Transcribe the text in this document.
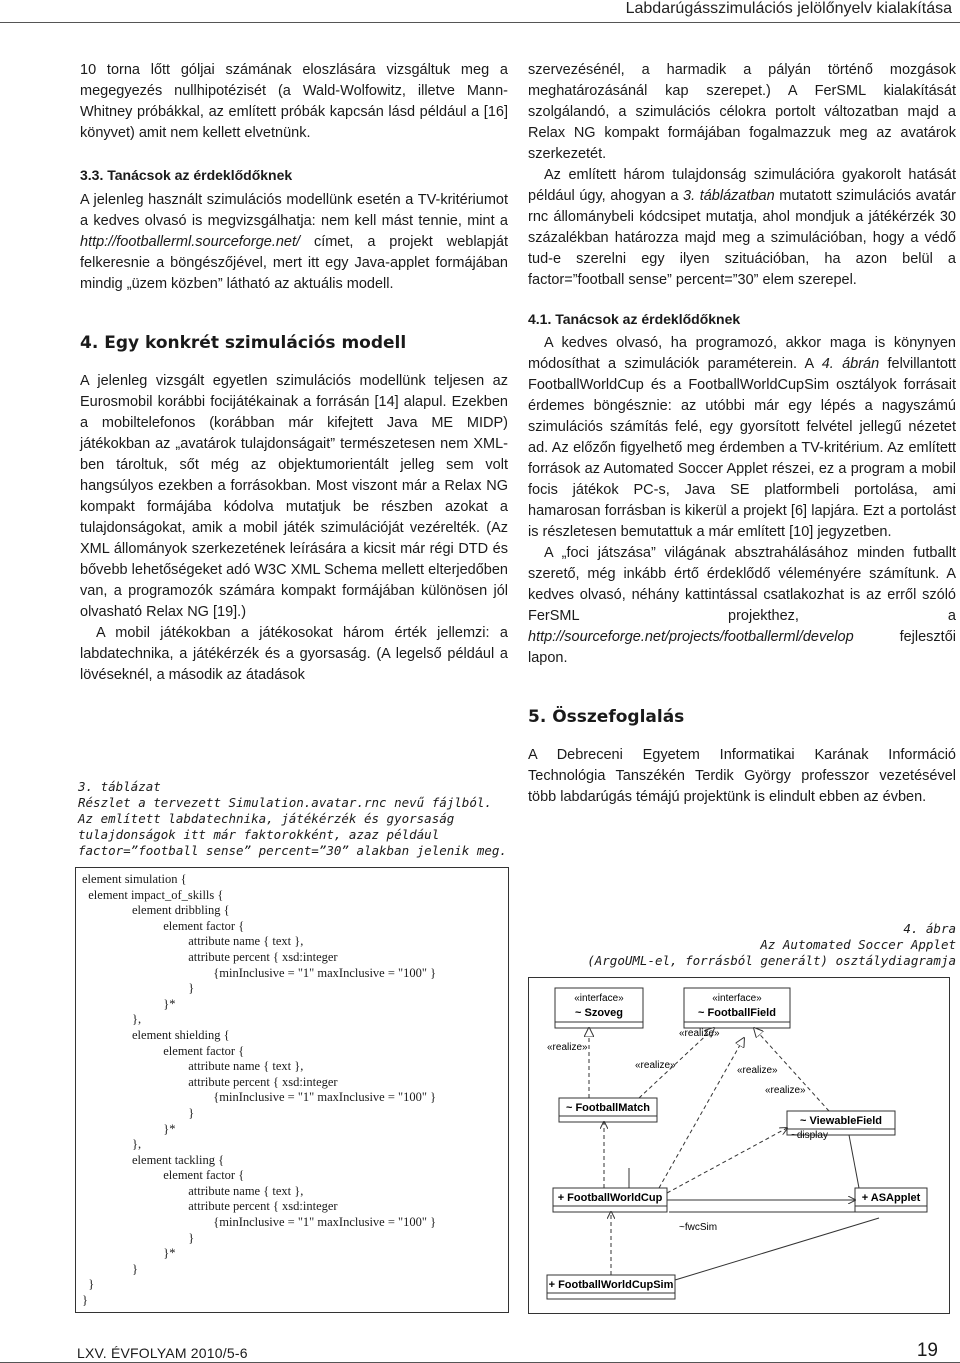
Labdarúgásszimulációs jelölőnyelv kialakítása

10 torna lőtt góljai számának eloszlására vizsgáltuk meg a megegyezés nullhipotézisét (a Wald-Wolfowitz, illetve Mann-Whitney próbákkal, az említett próbák kapcsán lásd például a [16] könyvet) amit nem kellett elvetnünk.

3.3. Tanácsok az érdeklődőknek

A jelenleg használt szimulációs modellünk esetén a TV-kritériumot a kedves olvasó is megvizsgálhatja: nem kell mást tennie, mint a http://footballerml.sourceforge.net/ címet, a projekt weblapját felkeresnie a böngészőjével, mert itt egy Java-applet formájában mindig „üzem közben” látható az aktuális modell.

4. Egy konkrét szimulációs modell

A jelenleg vizsgált egyetlen szimulációs modellünk teljesen az Eurosmobil korábbi focijátékainak a forrásán [14] alapul. Ezekben a mobiltelefonos (korábban már kifejtett Java ME MIDP) játékokban az „avatárok tulajdonságait” természetesen nem XML-ben tároltuk, sőt még az objektumorientált jelleg sem volt hangsúlyos ezekben a forrásokban. Most viszont már a Relax NG kompakt formájába kódolva mutatjuk be részben azokat a tulajdonságokat, amik a mobil játék szimulációját vezérelték. (Az XML állományok szerkezetének leírására a kicsit már régi DTD és bővebb lehetőségeket adó W3C XML Schema mellett elterjedőben van, a programozók számára kompakt formájában különösen jól olvasható Relax NG [19].)

A mobil játékokban a játékosokat három érték jellemzi: a labdatechnika, a játékérzék és a gyorsaság. (A legelső például a lövéseknél, a második az átadások

3. táblázat
Részlet a tervezett Simulation.avatar.rnc nevű fájlból.
Az említett labdatechnika, játékérzék és gyorsaság
tulajdonságok itt már faktorokként, azaz például
factor=”football sense” percent=”30” alakban jelenik meg.
element simulation {
element impact_of_skills {
element dribbling {
element factor {
attribute name { text },
attribute percent { xsd:integer
{minInclusive = "1" maxInclusive = "100" }
}
}*
},
element shielding {
element factor {
attribute name { text },
attribute percent { xsd:integer
{minInclusive = "1" maxInclusive = "100" }
}
}*
},
element tackling {
element factor {
attribute name { text },
attribute percent { xsd:integer
{minInclusive = "1" maxInclusive = "100" }
}
}*
}
}
}

szervezésénél, a harmadik a pályán történő mozgások meghatározásánál kap szerepet.) A FerSML kialakítását szolgálandó, a szimulációs célokra portolt változatban majd a Relax NG kompakt formájában fogalmazzuk meg az avatárok szerkezetét.

Az említett három tulajdonság szimulációra gyakorolt hatását például úgy, ahogyan a 3. táblázatban mutatott szimulációs avatár rnc állománybeli kódcsipet mutatja, ahol mondjuk a játékérzék 30 százalékban határozza majd meg a szimulációban, hogy a védő tud-e szerelni egy ilyen szituációban, ha azon belül a factor=”football sense” percent=”30” elem szerepel.

4.1. Tanácsok az érdeklődőknek

A kedves olvasó, ha programozó, akkor maga is könynyen módosíthat a szimulációk paraméterein. A 4. ábrán felvillantott FootballWorldCup és a FootballWorldCupSim osztályok forrásait érdemes böngésznie: az utóbbi már egy lépés a nagyszámú szimulációs számítás felé, egy gyorsított felvétel jellegű nézetet ad. Az előzőn figyelhető meg érdemben a TV-kritérium. Az említett források az Automated Soccer Applet részei, ez a program a mobil focis játékok PC-s, Java SE platformbeli portolása, ami hamarosan forrásban is kikerül a projekt [6] lapjára. Ezt a portolást is részletesen bemutattuk a már említett [10] jegyzetben.

A „foci játszása” világának absztrahálásához minden futballt szerető, még inkább értő érdeklődő véleményére számítunk. A kedves olvasó, néhány kattintással csatlakozhat is az erről szóló FerSML projekthez, a http://sourceforge.net/projects/footballerml/develop fejlesztői lapon.

5. Összefoglalás

A Debreceni Egyetem Informatikai Karának Információ Technológia Tanszékén Terdik György professzor vezetésével több labdarúgás témájú projektünk is elindult ebben az évben.

4. ábra
Az Automated Soccer Applet
(ArgoUML-el, forrásból generált) osztálydiagramja
«interface»
~ Szoveg
«interface»
~ FootballField
~ FootballMatch
~ ViewableField
+ FootballWorldCup	+ ASApplet
+ FootballWorldCupSim
«realize»
«realize»
«realize»
«realize»
«realize»
~display
~fwcSim
LXV. ÉVFOLYAM 2010/5-6	19
